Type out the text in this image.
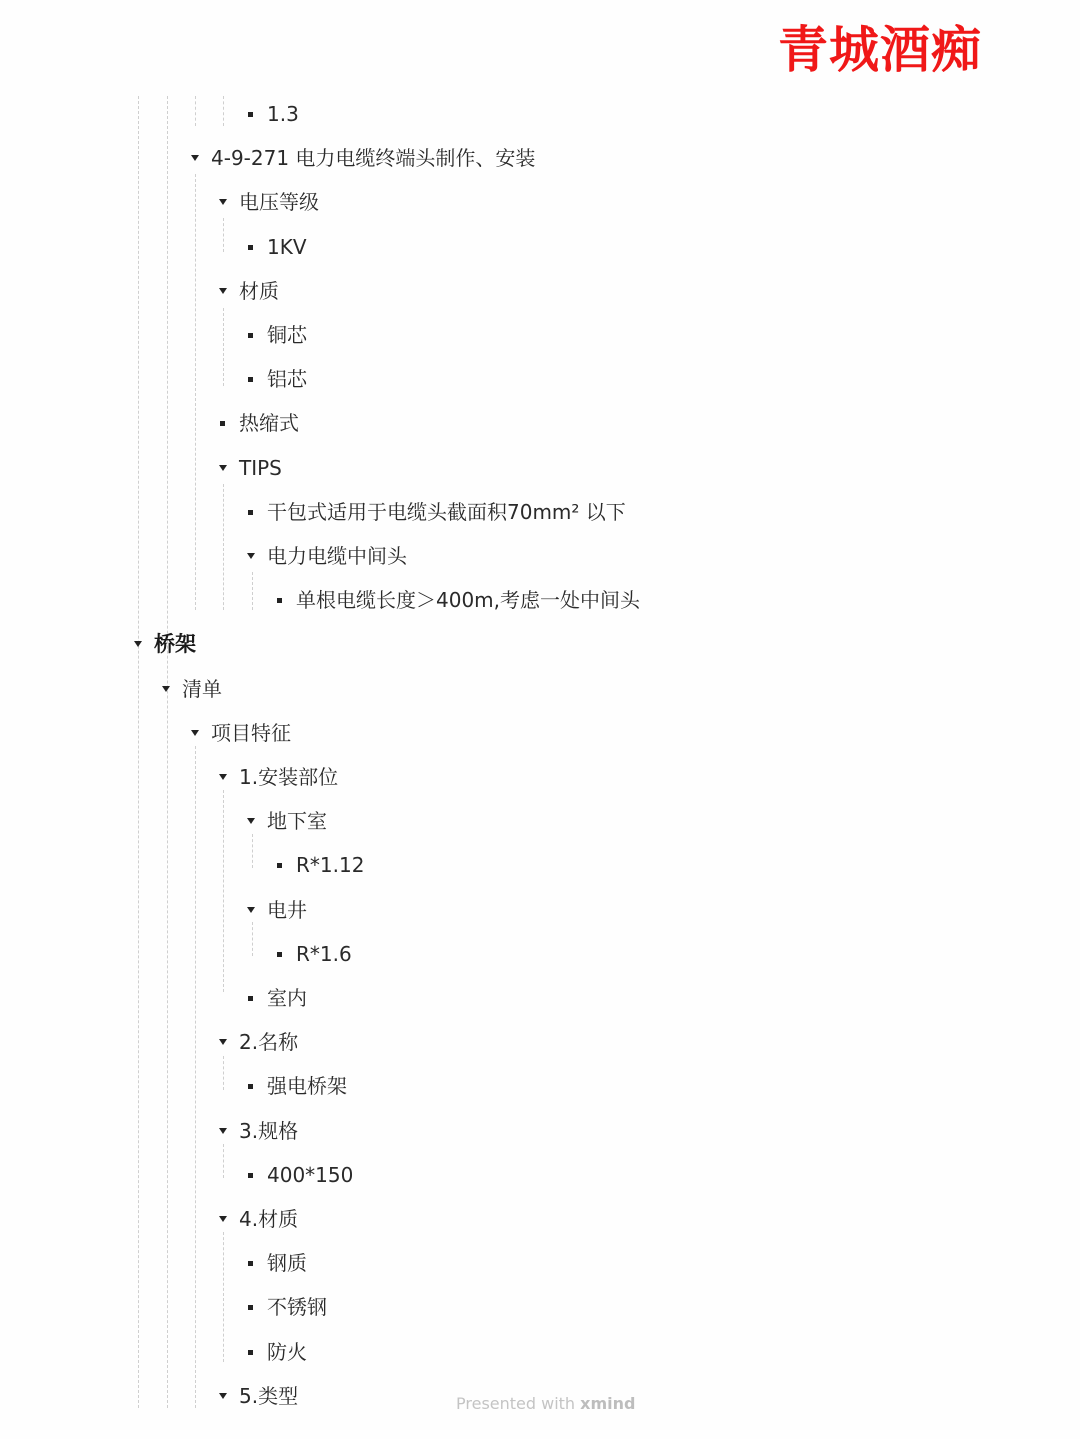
青城酒痴
1.3
4-9-271 电力电缆终端头制作、安装
电压等级
1KV
材质
铜芯
铝芯
热缩式
TIPS
干包式适用于电缆头截面积70mm² 以下
电力电缆中间头
单根电缆长度＞400m,考虑一处中间头
桥架
清单
项目特征
1.安装部位
地下室
R*1.12
电井
R*1.6
室内
2.名称
强电桥架
3.规格
400*150
4.材质
钢质
不锈钢
防火
5.类型	Presented with xmind
